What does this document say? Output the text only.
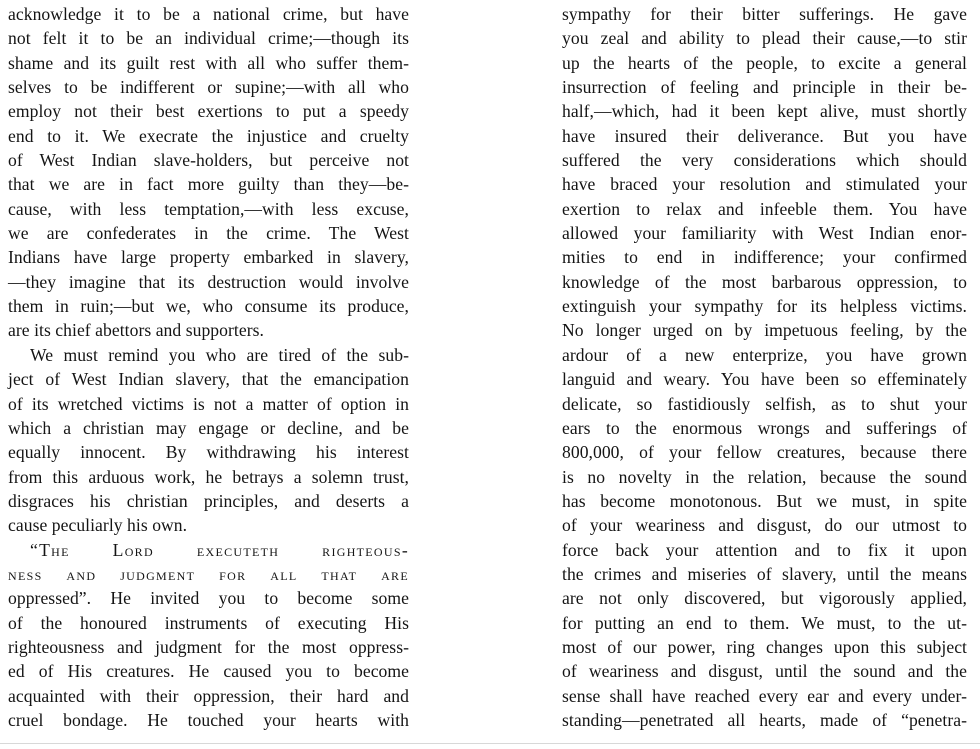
acknowledge it to be a national crime, but have
not felt it to be an individual crime;—though its
shame and its guilt rest with all who suffer them-
selves to be indifferent or supine;—with all who
employ not their best exertions to put a speedy
end to it. We execrate the injustice and cruelty
of West Indian slave-holders, but perceive not
that we are in fact more guilty than they—be-
cause, with less temptation,—with less excuse,
we are confederates in the crime. The West
Indians have large property embarked in slavery,
—they imagine that its destruction would involve
them in ruin;—but we, who consume its produce,
are its chief abettors and supporters.
We must remind you who are tired of the sub-
ject of West Indian slavery, that the emancipation
of its wretched victims is not a matter of option in
which a christian may engage or decline, and be
equally innocent. By withdrawing his interest
from this arduous work, he betrays a solemn trust,
disgraces his christian principles, and deserts a
cause peculiarly his own.
“The Lord executeth righteous-
ness and judgment for all that are
oppressed”. He invited you to become some
of the honoured instruments of executing His
righteousness and judgment for the most oppress-
ed of His creatures. He caused you to become
acquainted with their oppression, their hard and
cruel bondage. He touched your hearts with
sympathy for their bitter sufferings. He gave
you zeal and ability to plead their cause,—to stir
up the hearts of the people, to excite a general
insurrection of feeling and principle in their be-
half,—which, had it been kept alive, must shortly
have insured their deliverance. But you have
suffered the very considerations which should
have braced your resolution and stimulated your
exertion to relax and infeeble them. You have
allowed your familiarity with West Indian enor-
mities to end in indifference; your confirmed
knowledge of the most barbarous oppression, to
extinguish your sympathy for its helpless victims.
No longer urged on by impetuous feeling, by the
ardour of a new enterprize, you have grown
languid and weary. You have been so effeminately
delicate, so fastidiously selfish, as to shut your
ears to the enormous wrongs and sufferings of
800,000, of your fellow creatures, because there
is no novelty in the relation, because the sound
has become monotonous. But we must, in spite
of your weariness and disgust, do our utmost to
force back your attention and to fix it upon
the crimes and miseries of slavery, until the means
are not only discovered, but vigorously applied,
for putting an end to them. We must, to the ut-
most of our power, ring changes upon this subject
of weariness and disgust, until the sound and the
sense shall have reached every ear and every under-
standing—penetrated all hearts, made of “penetra-
